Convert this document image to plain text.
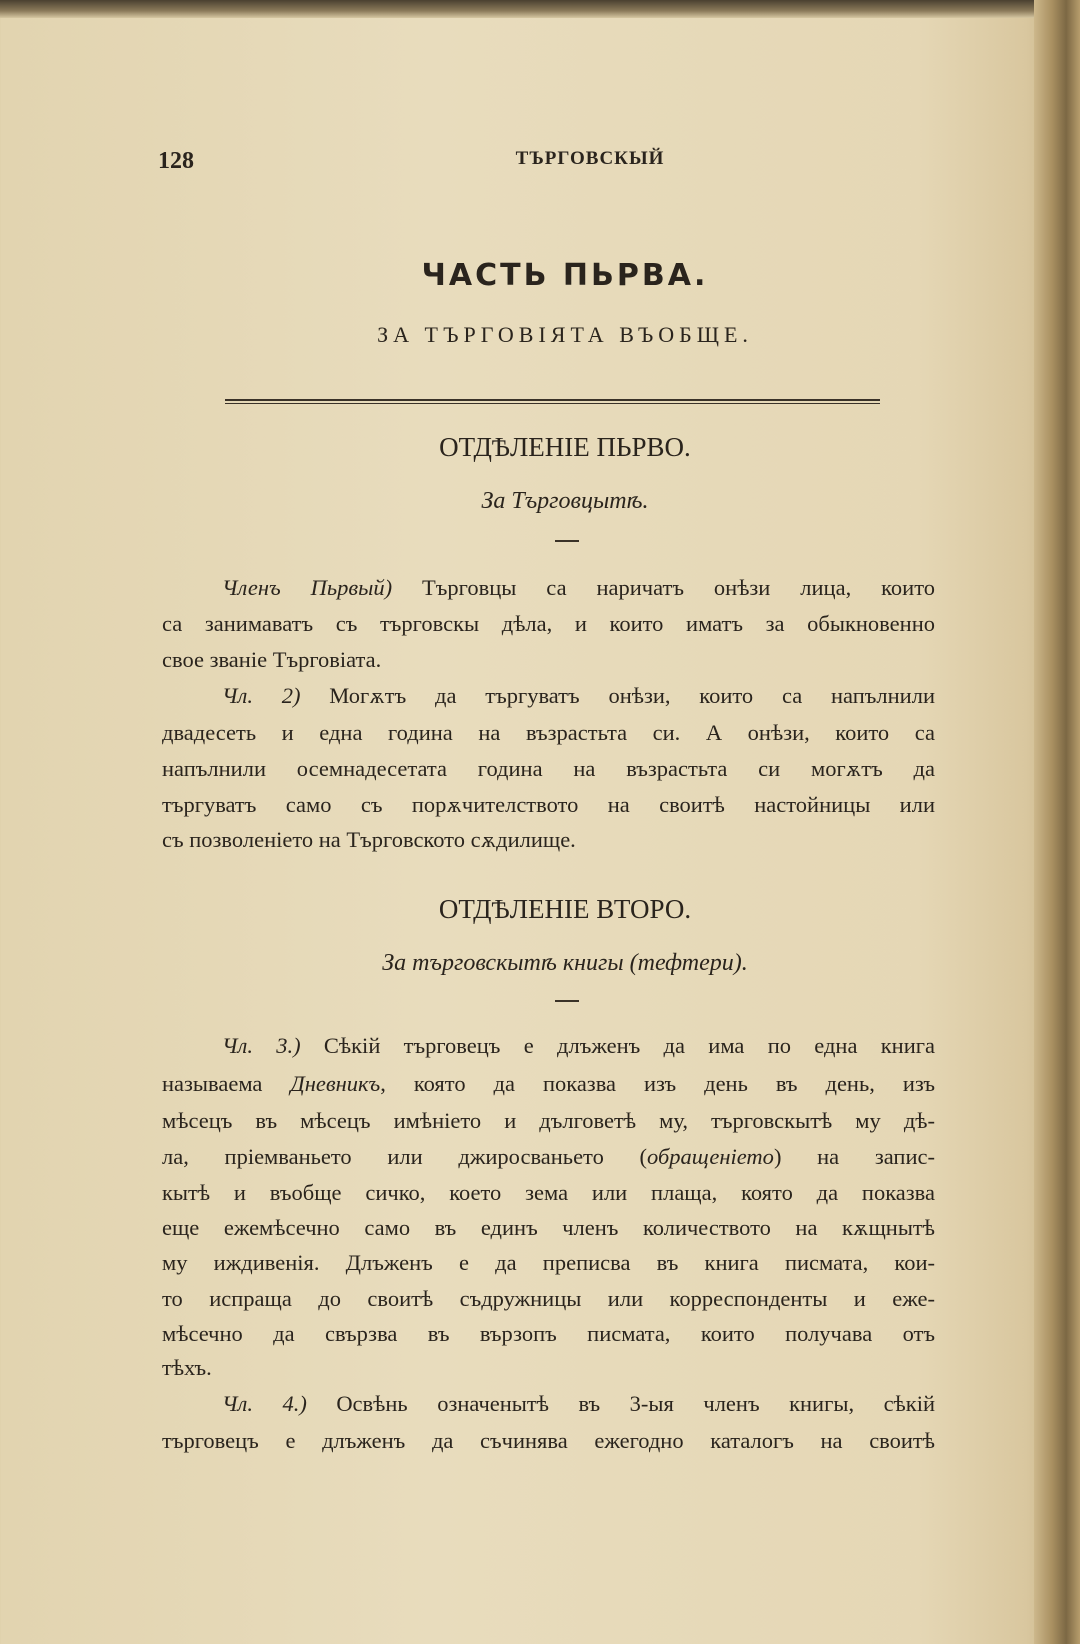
128	ТЪРГОВСКЫЙ
ЧАСТЬ ПЬРВА.
ЗА ТЪРГОВІЯТА ВЪОБЩЕ.
ОТДѢЛЕНІЕ ПЬРВО.
За Търговцытѣ.
Членъ Пьрвый) Търговцы са наричатъ онѣзи лица, които
са занимаватъ съ търговскы дѣла, и които иматъ за обыкновенно
свое званіе Търговіата.
Чл. 2) Могѫтъ да търгуватъ онѣзи, които са напълнили
двадесеть и една година на възрастьта си. А онѣзи, които са
напълнили осемнадесетата година на възрастьта си могѫтъ да
търгуватъ само съ порѫчителството на своитѣ настойницы или
съ позволеніето на Търговското сѫдилище.
ОТДѢЛЕНІЕ ВТОРО.
За търговскытѣ книгы (тефтери).
Чл. 3.) Сѣкій търговецъ е длъженъ да има по една книга
называема Дневникъ, която да показва изъ день въ день, изъ
мѣсецъ въ мѣсецъ имѣніето и дълговетѣ му, търговскытѣ му дѣ-
ла, пріемваньето или джиросваньето (обращеніето) на запис-
кытѣ и въобще сичко, което зема или плаща, която да показва
еще ежемѣсечно само въ единъ членъ количеството на кѫщнытѣ
му иждивенія. Длъженъ е да преписва въ книга писмата, кои-
то испраща до своитѣ съдружницы или корреспонденты и еже-
мѣсечно да свързва въ вързопъ писмата, които получава отъ
тѣхъ.
Чл. 4.) Освѣнь означенытѣ въ 3-ыя членъ книгы, сѣкій
търговецъ е длъженъ да съчинява ежегодно каталогъ на своитѣ
